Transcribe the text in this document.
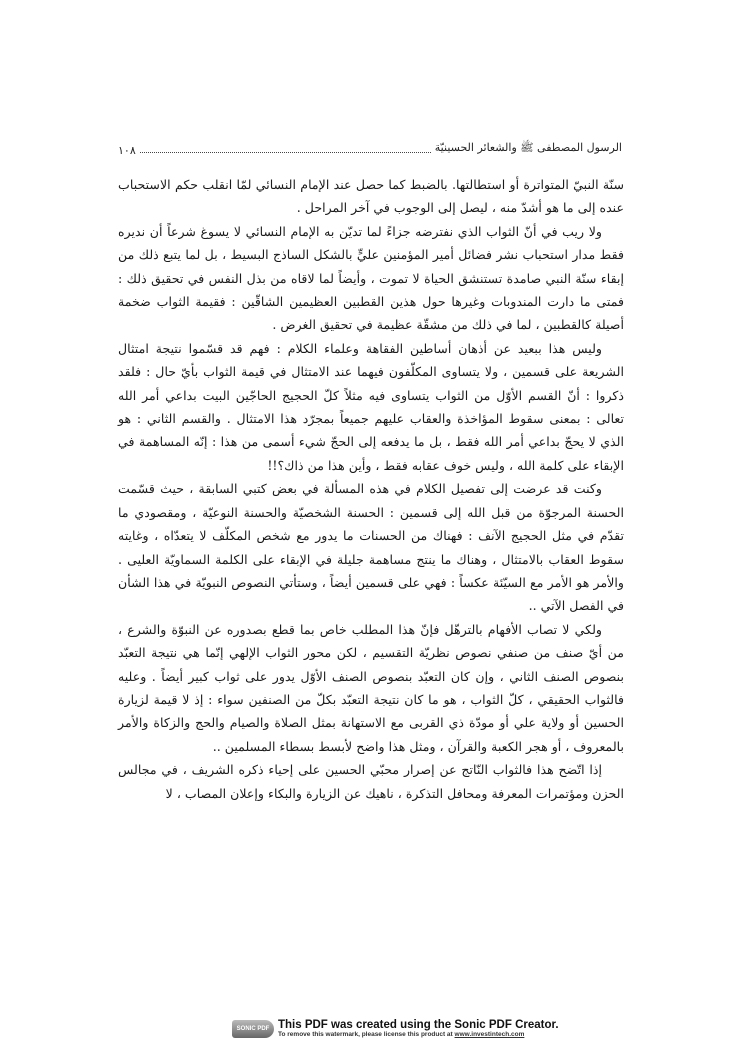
الرسول المصطفى ﷺ والشعائر الحسينيّة
١٠٨

سنّة النبيّ المتواترة أو استطالتها. بالضبط كما حصل عند الإمام النسائي لمّا انقلب حكم الاستحباب عنده إلى ما هو أشدّ منه ، ليصل إلى الوجوب في آخر المراحل .

ولا ريب في أنّ الثواب الذي نفترضه جزاءً لما تديّن به الإمام النسائي لا يسوغ شرعاً أن نديره فقط مدار استحباب نشر فضائل أمير المؤمنين عليٍّ بالشكل الساذج البسيط ، بل لما يتبع ذلك من إبقاء سنّة النبي صامدة تستنشق الحياة لا تموت ، وأيضاً لما لاقاه من بذل النفس في تحقيق ذلك : فمتى ما دارت المندوبات وغيرها حول هذين القطبين العظيمين الشاقّين : فقيمة الثواب ضخمة أصيلة كالقطبين ، لما في ذلك من مشقّة عظيمة في تحقيق الغرض .

وليس هذا ببعيد عن أذهان أساطين الفقاهة وعلماء الكلام : فهم قد قسّموا نتيجة امتثال الشريعة على قسمين ، ولا يتساوى المكلّفون فيهما عند الامتثال في قيمة الثواب بأيّ حال : فلقد ذكروا : أنّ القسم الأوّل من الثواب يتساوى فيه مثلاً كلّ الحجيج الحاجّين البيت بداعي أمر الله تعالى : بمعنى سقوط المؤاخذة والعقاب عليهم جميعاً بمجرّد هذا الامتثال . والقسم الثاني : هو الذي لا يحجّ بداعي أمر الله فقط ، بل ما يدفعه إلى الحجّ شيء أسمى من هذا : إنّه المساهمة في الإبقاء على كلمة الله ، وليس خوف عقابه فقط ، وأين هذا من ذاك؟!!

وكنت قد عرضت إلى تفصيل الكلام في هذه المسألة في بعض كتبي السابقة ، حيث قسّمت الحسنة المرجوّة من قبل الله إلى قسمين : الحسنة الشخصيّة والحسنة النوعيّة ، ومقصودي ما تقدّم في مثل الحجيج الآنف : فهناك من الحسنات ما يدور مع شخص المكلّف لا يتعدّاه ، وغايته سقوط العقاب بالامتثال ، وهناك ما ينتج مساهمة جليلة في الإبقاء على الكلمة السماويّة العليى . والأمر هو الأمر مع السيّئة عكساً : فهي على قسمين أيضاً ، وستأتي النصوص النبويّة في هذا الشأن في الفصل الآتي ..

ولكي لا تصاب الأفهام بالترهّل فإنّ هذا المطلب خاص بما قطع بصدوره عن النبوّة والشرع ، من أيّ صنف من صنفي نصوص نظريّة التقسيم ، لكن محور الثواب الإلهي إنّما هي نتيجة التعبّد بنصوص الصنف الثاني ، وإن كان التعبّد بنصوص الصنف الأوّل يدور على ثواب كبير أيضاً . وعليه فالثواب الحقيقي ، كلّ الثواب ، هو ما كان نتيجة التعبّد بكلّ من الصنفين سواء : إذ لا قيمة لزيارة الحسين أو ولاية علي أو مودّة ذي القربى مع الاستهانة بمثل الصلاة والصيام والحج والزكاة والأمر بالمعروف ، أو هجر الكعبة والقرآن ، ومثل هذا واضح لأبسط بسطاء المسلمين ..

إذا اتّضح هذا فالثواب النّاتج عن إصرار محبّي الحسين على إحياء ذكره الشريف ، في مجالس الحزن ومؤتمرات المعرفة ومحافل التذكرة ، ناهيك عن الزيارة والبكاء وإعلان المصاب ، لا

SONIC PDF This PDF was created using the Sonic PDF Creator.
To remove this watermark, please license this product at www.investintech.com
